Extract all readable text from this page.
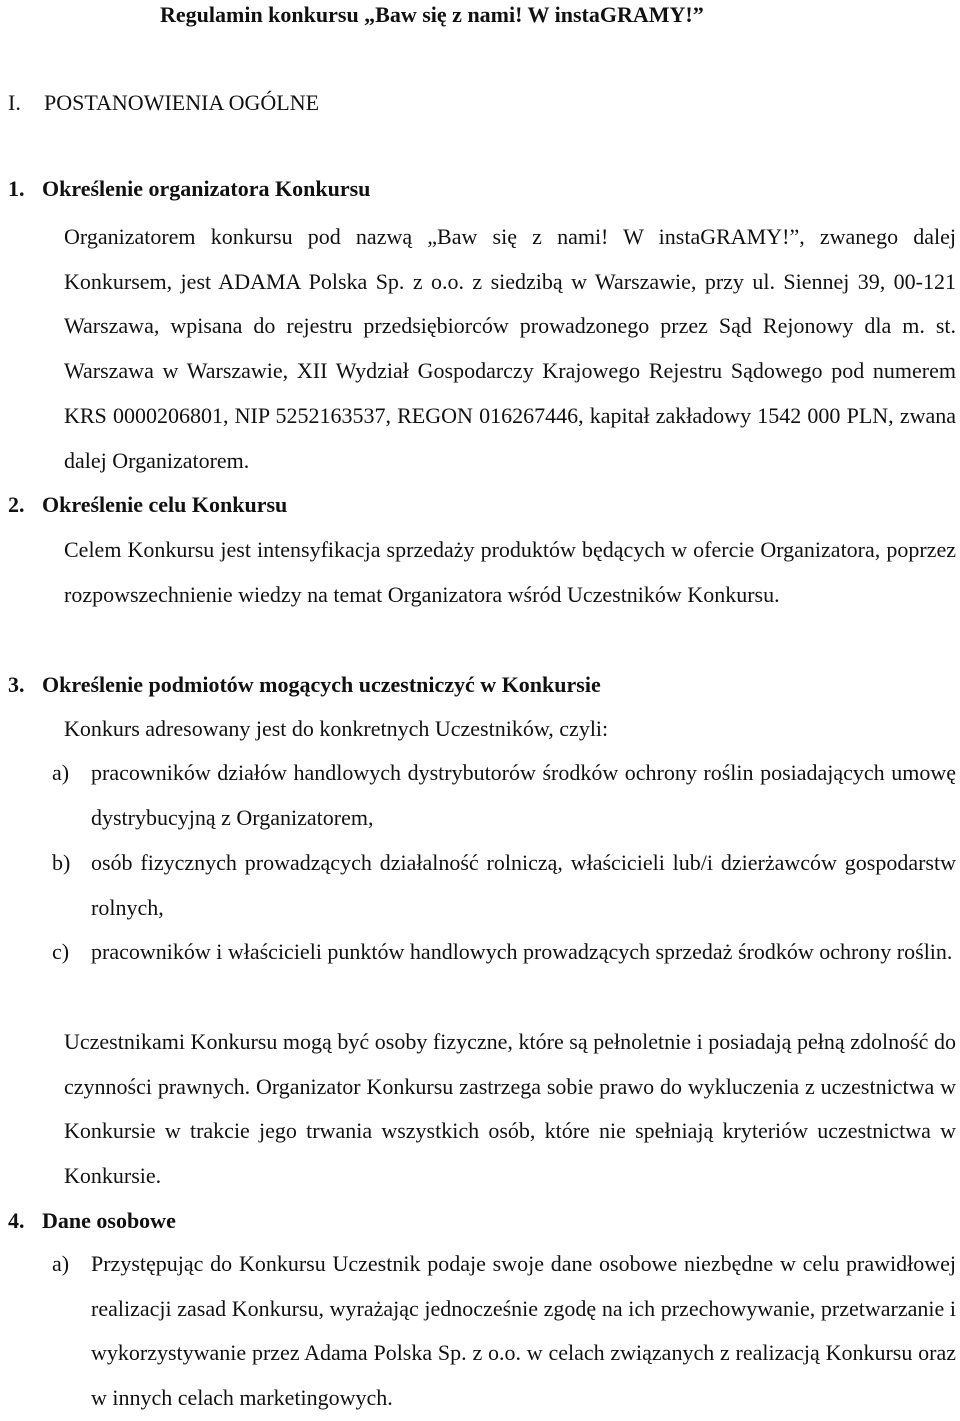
Regulamin konkursu „Baw się z nami! W instaGRAMY!”
I. POSTANOWIENIA OGÓLNE
1. Określenie organizatora Konkursu

Organizatorem konkursu pod nazwą „Baw się z nami! W instaGRAMY!”, zwanego dalej Konkursem, jest ADAMA Polska Sp. z o.o. z siedzibą w Warszawie, przy ul. Siennej 39, 00-121 Warszawa, wpisana do rejestru przedsiębiorców prowadzonego przez Sąd Rejonowy dla m. st. Warszawa w Warszawie, XII Wydział Gospodarczy Krajowego Rejestru Sądowego pod numerem KRS 0000206801, NIP 5252163537, REGON 016267446, kapitał zakładowy 1542 000 PLN, zwana dalej Organizatorem.

2. Określenie celu Konkursu

Celem Konkursu jest intensyfikacja sprzedaży produktów będących w ofercie Organizatora, poprzez rozpowszechnienie wiedzy na temat Organizatora wśród Uczestników Konkursu.

3. Określenie podmiotów mogących uczestniczyć w Konkursie

Konkurs adresowany jest do konkretnych Uczestników, czyli:

a) pracowników działów handlowych dystrybutorów środków ochrony roślin posiadających umowę dystrybucyjną z Organizatorem,
b) osób fizycznych prowadzących działalność rolniczą, właścicieli lub/i dzierżawców gospodarstw rolnych,
c) pracowników i właścicieli punktów handlowych prowadzących sprzedaż środków ochrony roślin.

Uczestnikami Konkursu mogą być osoby fizyczne, które są pełnoletnie i posiadają pełną zdolność do czynności prawnych. Organizator Konkursu zastrzega sobie prawo do wykluczenia z uczestnictwa w Konkursie w trakcie jego trwania wszystkich osób, które nie spełniają kryteriów uczestnictwa w Konkursie.

4. Dane osobowe
a) Przystępując do Konkursu Uczestnik podaje swoje dane osobowe niezbędne w celu prawidłowej realizacji zasad Konkursu, wyrażając jednocześnie zgodę na ich przechowywanie, przetwarzanie i wykorzystywanie przez Adama Polska Sp. z o.o. w celach związanych z realizacją Konkursu oraz w innych celach marketingowych.
